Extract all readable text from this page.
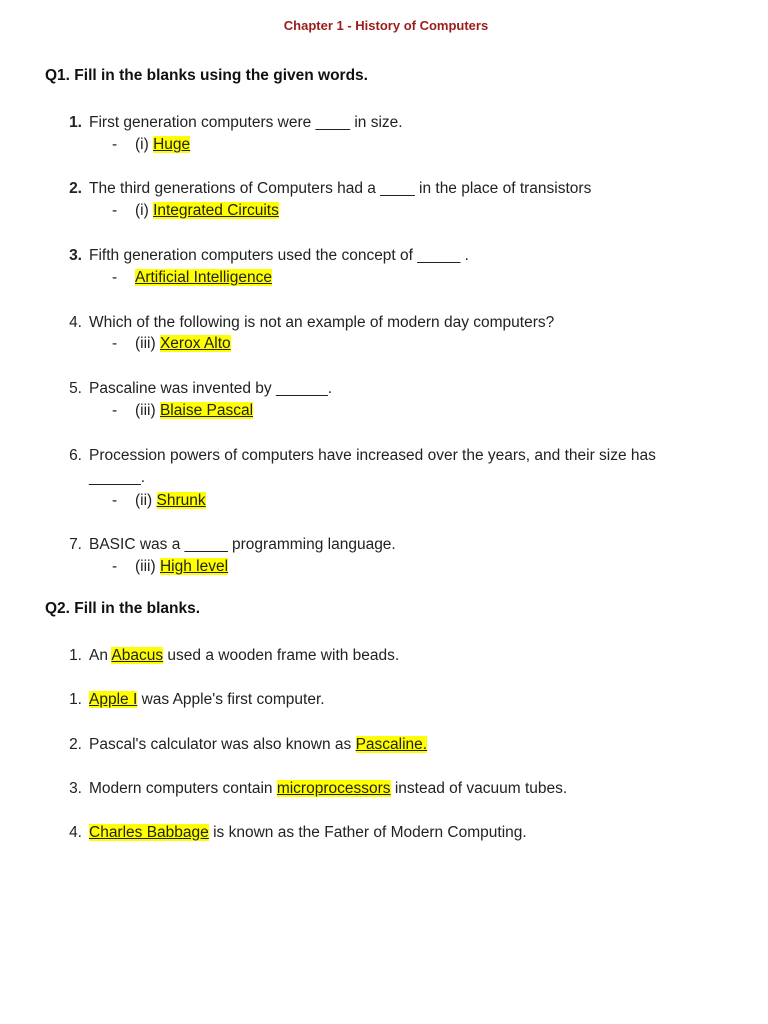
Chapter 1 - History of Computers
Q1. Fill in the blanks using the given words.
1. First generation computers were ____ in size.
- (i) Huge
2. The third generations of Computers had a ____ in the place of transistors
- (i) Integrated Circuits
3. Fifth generation computers used the concept of _____ .
- Artificial Intelligence
4. Which of the following is not an example of modern day computers?
- (iii) Xerox Alto
5. Pascaline was invented by ______.
- (iii) Blaise Pascal
6. Procession powers of computers have increased over the years, and their size has ______.
- (ii) Shrunk
7. BASIC was a _____ programming language.
- (iii) High level
Q2. Fill in the blanks.
1. An Abacus used a wooden frame with beads.
1. Apple I was Apple's first computer.
2. Pascal's calculator was also known as Pascaline.
3. Modern computers contain microprocessors instead of vacuum tubes.
4. Charles Babbage is known as the Father of Modern Computing.
